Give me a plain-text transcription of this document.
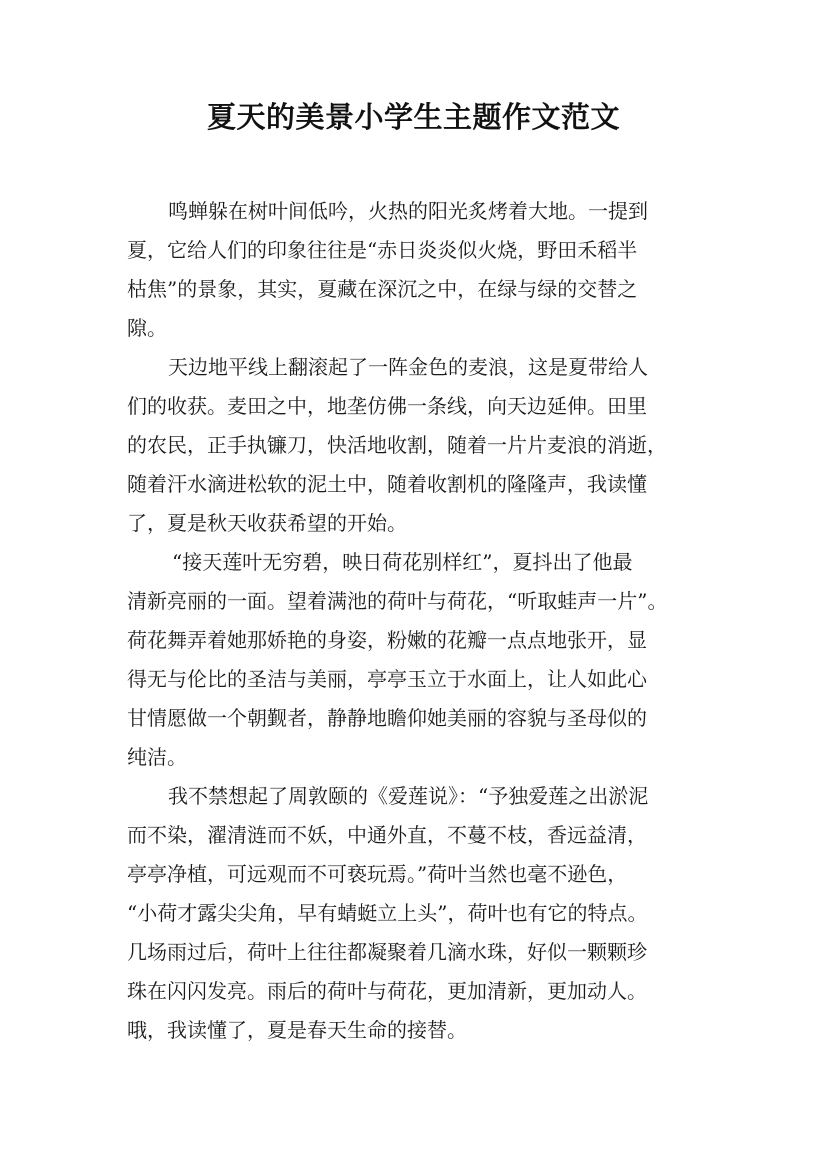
夏天的美景小学生主题作文范文

鸣蝉躲在树叶间低吟，火热的阳光炙烤着大地。一提到

夏，它给人们的印象往往是“赤日炎炎似火烧，野田禾稻半

枯焦”的景象，其实，夏藏在深沉之中，在绿与绿的交替之

隙。

天边地平线上翻滚起了一阵金色的麦浪，这是夏带给人

们的收获。麦田之中，地垄仿佛一条线，向天边延伸。田里

的农民，正手执镰刀，快活地收割，随着一片片麦浪的消逝，

随着汗水滴进松软的泥土中，随着收割机的隆隆声，我读懂

了，夏是秋天收获希望的开始。

“接天莲叶无穷碧，映日荷花别样红”，夏抖出了他最

清新亮丽的一面。望着满池的荷叶与荷花，“听取蛙声一片”。

荷花舞弄着她那娇艳的身姿，粉嫩的花瓣一点点地张开，显

得无与伦比的圣洁与美丽，亭亭玉立于水面上，让人如此心

甘情愿做一个朝觐者，静静地瞻仰她美丽的容貌与圣母似的

纯洁。

我不禁想起了周敦颐的《爱莲说》：“予独爱莲之出淤泥

而不染，濯清涟而不妖，中通外直，不蔓不枝，香远益清，

亭亭净植，可远观而不可亵玩焉。”荷叶当然也毫不逊色，

“小荷才露尖尖角，早有蜻蜓立上头”，荷叶也有它的特点。

几场雨过后，荷叶上往往都凝聚着几滴水珠，好似一颗颗珍

珠在闪闪发亮。雨后的荷叶与荷花，更加清新，更加动人。

哦，我读懂了，夏是春天生命的接替。
